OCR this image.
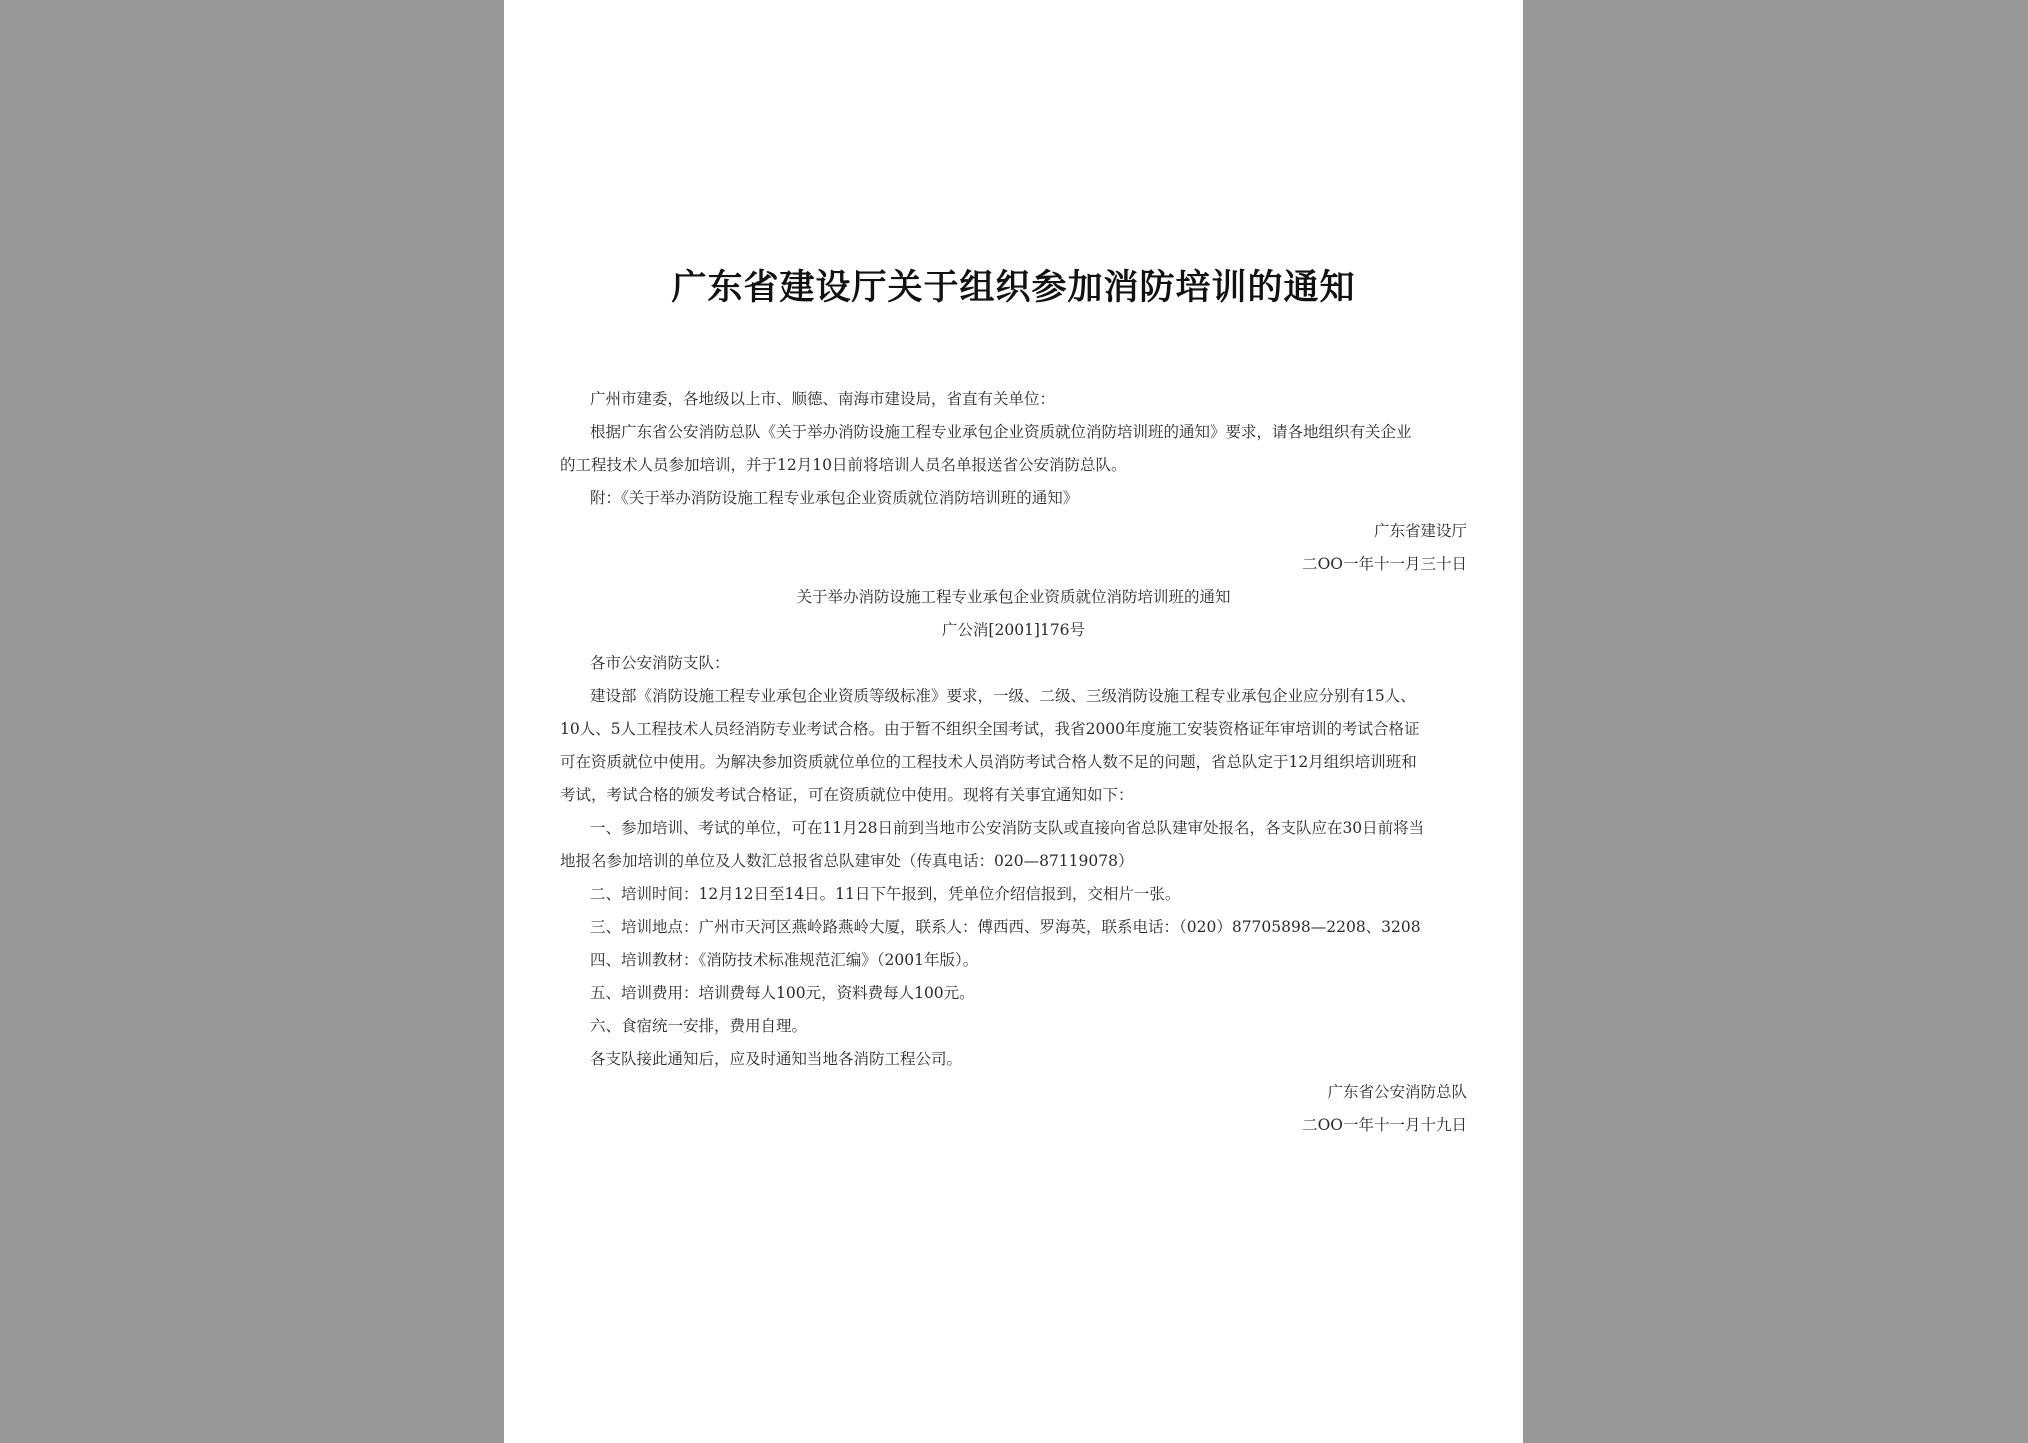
广东省建设厅关于组织参加消防培训的通知
广州市建委，各地级以上市、顺德、南海市建设局，省直有关单位：
根据广东省公安消防总队《关于举办消防设施工程专业承包企业资质就位消防培训班的通知》要求，请各地组织有关企业
的工程技术人员参加培训，并于12月10日前将培训人员名单报送省公安消防总队。
附：《关于举办消防设施工程专业承包企业资质就位消防培训班的通知》
广东省建设厅
二OO一年十一月三十日
关于举办消防设施工程专业承包企业资质就位消防培训班的通知
广公消[2001]176号
各市公安消防支队：
建设部《消防设施工程专业承包企业资质等级标准》要求，一级、二级、三级消防设施工程专业承包企业应分别有15人、
10人、5人工程技术人员经消防专业考试合格。由于暂不组织全国考试，我省2000年度施工安装资格证年审培训的考试合格证
可在资质就位中使用。为解决参加资质就位单位的工程技术人员消防考试合格人数不足的问题，省总队定于12月组织培训班和
考试，考试合格的颁发考试合格证，可在资质就位中使用。现将有关事宜通知如下：
一、参加培训、考试的单位，可在11月28日前到当地市公安消防支队或直接向省总队建审处报名，各支队应在30日前将当
地报名参加培训的单位及人数汇总报省总队建审处（传真电话：020—87119078）
二、培训时间：12月12日至14日。11日下午报到，凭单位介绍信报到，交相片一张。
三、培训地点：广州市天河区燕岭路燕岭大厦，联系人：傅西西、罗海英，联系电话：（020）87705898—2208、3208
四、培训教材：《消防技术标准规范汇编》（2001年版）。
五、培训费用：培训费每人100元，资料费每人100元。
六、食宿统一安排，费用自理。
各支队接此通知后，应及时通知当地各消防工程公司。
广东省公安消防总队
二OO一年十一月十九日
